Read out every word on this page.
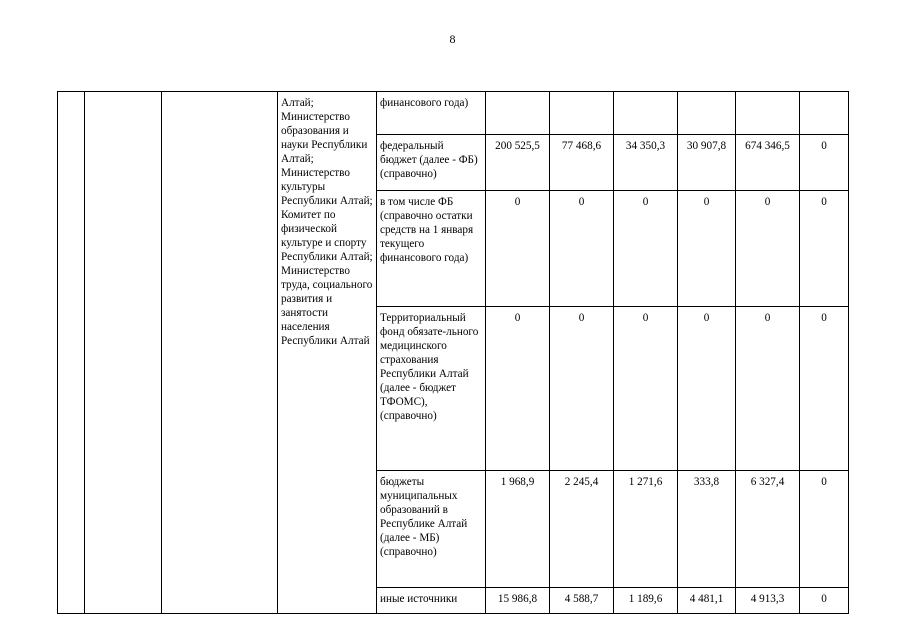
8
			Алтай;
Министерство образования и науки Республики Алтай;
Министерство культуры Республики Алтай;
Комитет по физической культуре и спорту Республики Алтай;
Министерство труда, социального развития и занятости населения Республики Алтай	финансового года)						
				федеральный бюджет (далее - ФБ) (справочно)	200 525,5	77 468,6	34 350,3	30 907,8	674 346,5	0
				в том числе ФБ (справочно остатки средств на 1 января текущего финансового года)	0	0	0	0	0	0
				Территориальный фонд обязате-льного медицинского страхования Республики Алтай
(далее - бюджет ТФОМС), (справочно)	0	0	0	0	0	0
				бюджеты муниципальных образований в Республике Алтай
(далее - МБ) (справочно)	1 968,9	2 245,4	1 271,6	333,8	6 327,4	0
				иные источники	15 986,8	4 588,7	1 189,6	4 481,1	4 913,3	0
